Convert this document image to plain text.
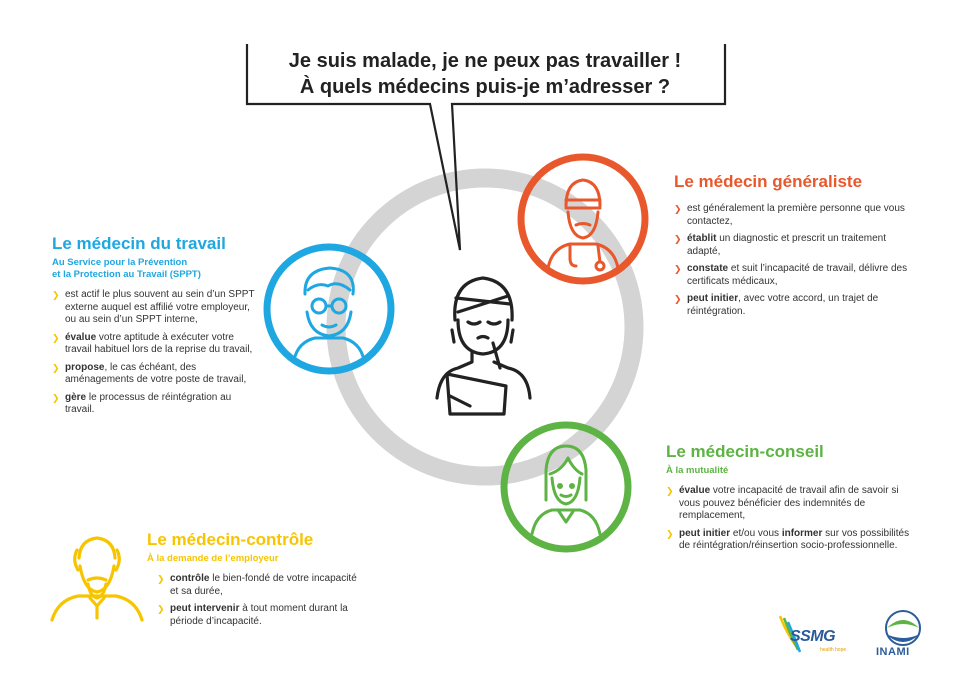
Je suis malade, je ne peux pas travailler !
À quels médecins puis-je m’adresser ?
Le médecin du travail
Au Service pour la Prévention
et la Protection au Travail (SPPT)
❯ est actif le plus souvent au sein d’un SPPT externe auquel est affilié votre employeur, ou au sein d’un SPPT interne,
❯ évalue votre aptitude à exécuter votre travail habituel lors de la reprise du travail,
❯ propose, le cas échéant, des aménagements de votre poste de travail,
❯ gère le processus de réintégration au travail.
Le médecin généraliste
❯ est généralement la première personne que vous contactez,
❯ établit un diagnostic et prescrit un traitement adapté,
❯ constate et suit l’incapacité de travail, délivre des certificats médicaux,
❯ peut initier, avec votre accord, un trajet de réintégration.
Le médecin-conseil
À la mutualité
❯ évalue votre incapacité de travail afin de savoir si vous pouvez bénéficier des indemnités de remplacement,
❯ peut initier et/ou vous informer sur vos possibilités de réintégration/réinsertion socio-professionnelle.
Le médecin-contrôle
À la demande de l’employeur
❯ contrôle le bien-fondé de votre incapacité et sa durée,
❯ peut intervenir à tout moment durant la période d’incapacité.
SSMG
health hope	INAMI
